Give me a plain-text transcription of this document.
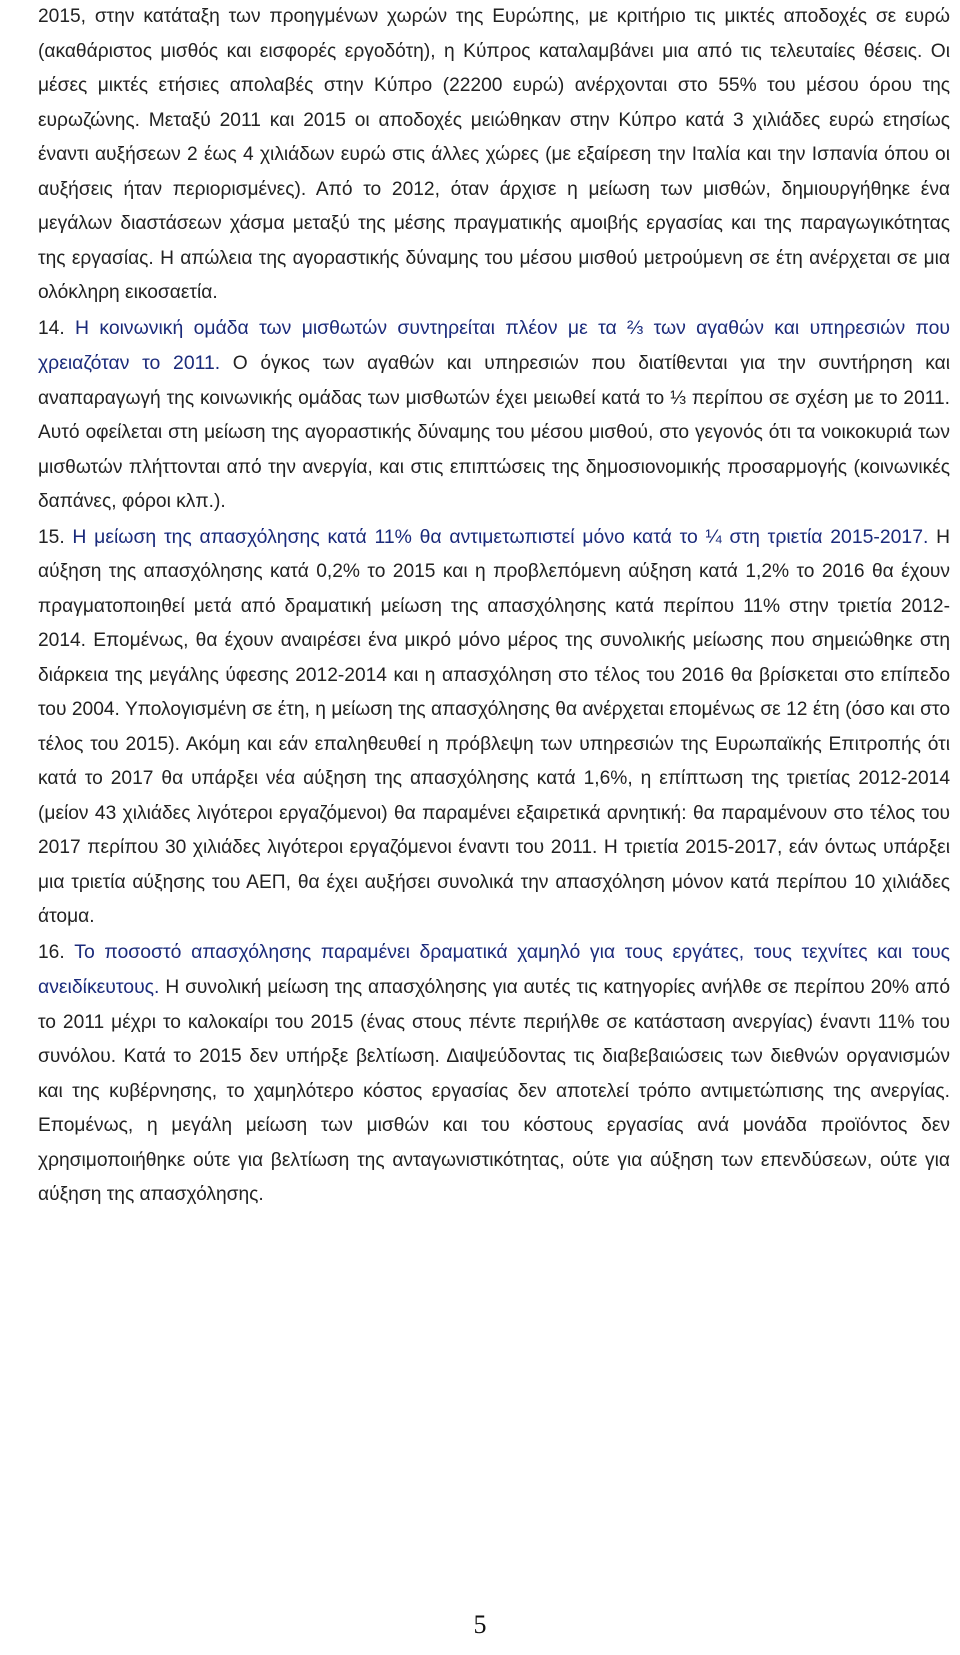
2015, στην κατάταξη των προηγμένων χωρών της Ευρώπης, με κριτήριο τις μικτές αποδοχές σε ευρώ (ακαθάριστος μισθός και εισφορές εργοδότη), η Κύπρος καταλαμβάνει μια από τις τελευταίες θέσεις. Οι μέσες μικτές ετήσιες απολαβές στην Κύπρο (22200 ευρώ) ανέρχονται στο 55% του μέσου όρου της ευρωζώνης. Μεταξύ 2011 και 2015 οι αποδοχές μειώθηκαν στην Κύπρο κατά 3 χιλιάδες ευρώ ετησίως έναντι αυξήσεων 2 έως 4 χιλιάδων ευρώ στις άλλες χώρες (με εξαίρεση την Ιταλία και την Ισπανία όπου οι αυξήσεις ήταν περιορισμένες). Από το 2012, όταν άρχισε η μείωση των μισθών, δημιουργήθηκε ένα μεγάλων διαστάσεων χάσμα μεταξύ της μέσης πραγματικής αμοιβής εργασίας και της παραγωγικότητας της εργασίας. Η απώλεια της αγοραστικής δύναμης του μέσου μισθού μετρούμενη σε έτη ανέρχεται σε μια ολόκληρη εικοσαετία.

14. Η κοινωνική ομάδα των μισθωτών συντηρείται πλέον με τα ⅔ των αγαθών και υπηρεσιών που χρειαζόταν το 2011. Ο όγκος των αγαθών και υπηρεσιών που διατίθενται για την συντήρηση και αναπαραγωγή της κοινωνικής ομάδας των μισθωτών έχει μειωθεί κατά το ⅓ περίπου σε σχέση με το 2011. Αυτό οφείλεται στη μείωση της αγοραστικής δύναμης του μέσου μισθού, στο γεγονός ότι τα νοικοκυριά των μισθωτών πλήττονται από την ανεργία, και στις επιπτώσεις της δημοσιονομικής προσαρμογής (κοινωνικές δαπάνες, φόροι κλπ.).

15. Η μείωση της απασχόλησης κατά 11% θα αντιμετωπιστεί μόνο κατά το ¼ στη τριετία 2015-2017. Η αύξηση της απασχόλησης κατά 0,2% το 2015 και η προβλεπόμενη αύξηση κατά 1,2% το 2016 θα έχουν πραγματοποιηθεί μετά από δραματική μείωση της απασχόλησης κατά περίπου 11% στην τριετία 2012-2014. Επομένως, θα έχουν αναιρέσει ένα μικρό μόνο μέρος της συνολικής μείωσης που σημειώθηκε στη διάρκεια της μεγάλης ύφεσης 2012-2014 και η απασχόληση στο τέλος του 2016 θα βρίσκεται στο επίπεδο του 2004. Υπολογισμένη σε έτη, η μείωση της απασχόλησης θα ανέρχεται επομένως σε 12 έτη (όσο και στο τέλος του 2015). Ακόμη και εάν επαληθευθεί η πρόβλεψη των υπηρεσιών της Ευρωπαϊκής Επιτροπής ότι κατά το 2017 θα υπάρξει νέα αύξηση της απασχόλησης κατά 1,6%, η επίπτωση της τριετίας 2012-2014 (μείον 43 χιλιάδες λιγότεροι εργαζόμενοι) θα παραμένει εξαιρετικά αρνητική: θα παραμένουν στο τέλος του 2017 περίπου 30 χιλιάδες λιγότεροι εργαζόμενοι έναντι του 2011. Η τριετία 2015-2017, εάν όντως υπάρξει μια τριετία αύξησης του ΑΕΠ, θα έχει αυξήσει συνολικά την απασχόληση μόνον κατά περίπου 10 χιλιάδες άτομα.

16. Το ποσοστό απασχόλησης παραμένει δραματικά χαμηλό για τους εργάτες, τους τεχνίτες και τους ανειδίκευτους. Η συνολική μείωση της απασχόλησης για αυτές τις κατηγορίες ανήλθε σε περίπου 20% από το 2011 μέχρι το καλοκαίρι του 2015 (ένας στους πέντε περιήλθε σε κατάσταση ανεργίας) έναντι 11% του συνόλου. Κατά το 2015 δεν υπήρξε βελτίωση. Διαψεύδοντας τις διαβεβαιώσεις των διεθνών οργανισμών και της κυβέρνησης, το χαμηλότερο κόστος εργασίας δεν αποτελεί τρόπο αντιμετώπισης της ανεργίας. Επομένως, η μεγάλη μείωση των μισθών και του κόστους εργασίας ανά μονάδα προϊόντος δεν χρησιμοποιήθηκε ούτε για βελτίωση της ανταγωνιστικότητας, ούτε για αύξηση των επενδύσεων, ούτε για αύξηση της απασχόλησης.

5
